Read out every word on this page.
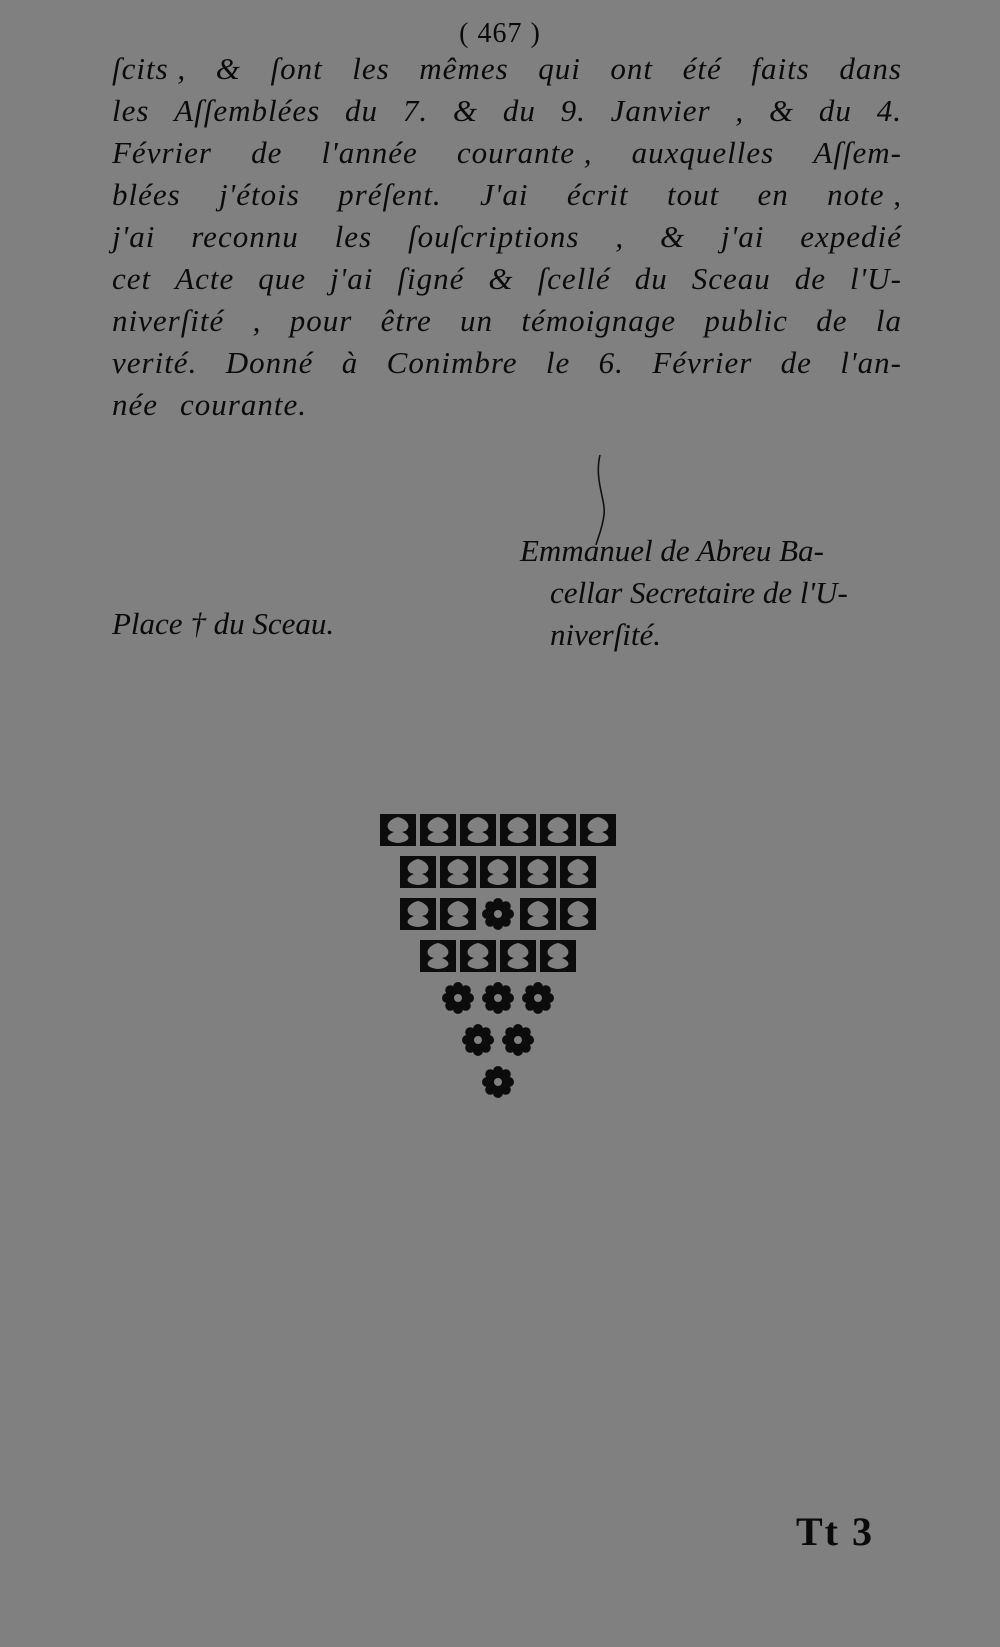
( 467 )
ſcits , & ſont les mêmes qui ont été faits dans
les Aſſemblées du 7. & du 9. Janvier , & du 4.
Février de l'année courante , auxquelles Aſſem-
blées j'étois préſent. J'ai écrit tout en note ,
j'ai reconnu les ſouſcriptions , & j'ai expedié
cet Acte que j'ai ſigné & ſcellé du Sceau de l'U-
niverſité , pour être un témoignage public de la
verité. Donné à Conimbre le 6. Février de l'an-
née courante.
Place † du Sceau.
Emmanuel de Abreu Ba-
cellar Secretaire de l'U-
niverſité.
Tt 3
